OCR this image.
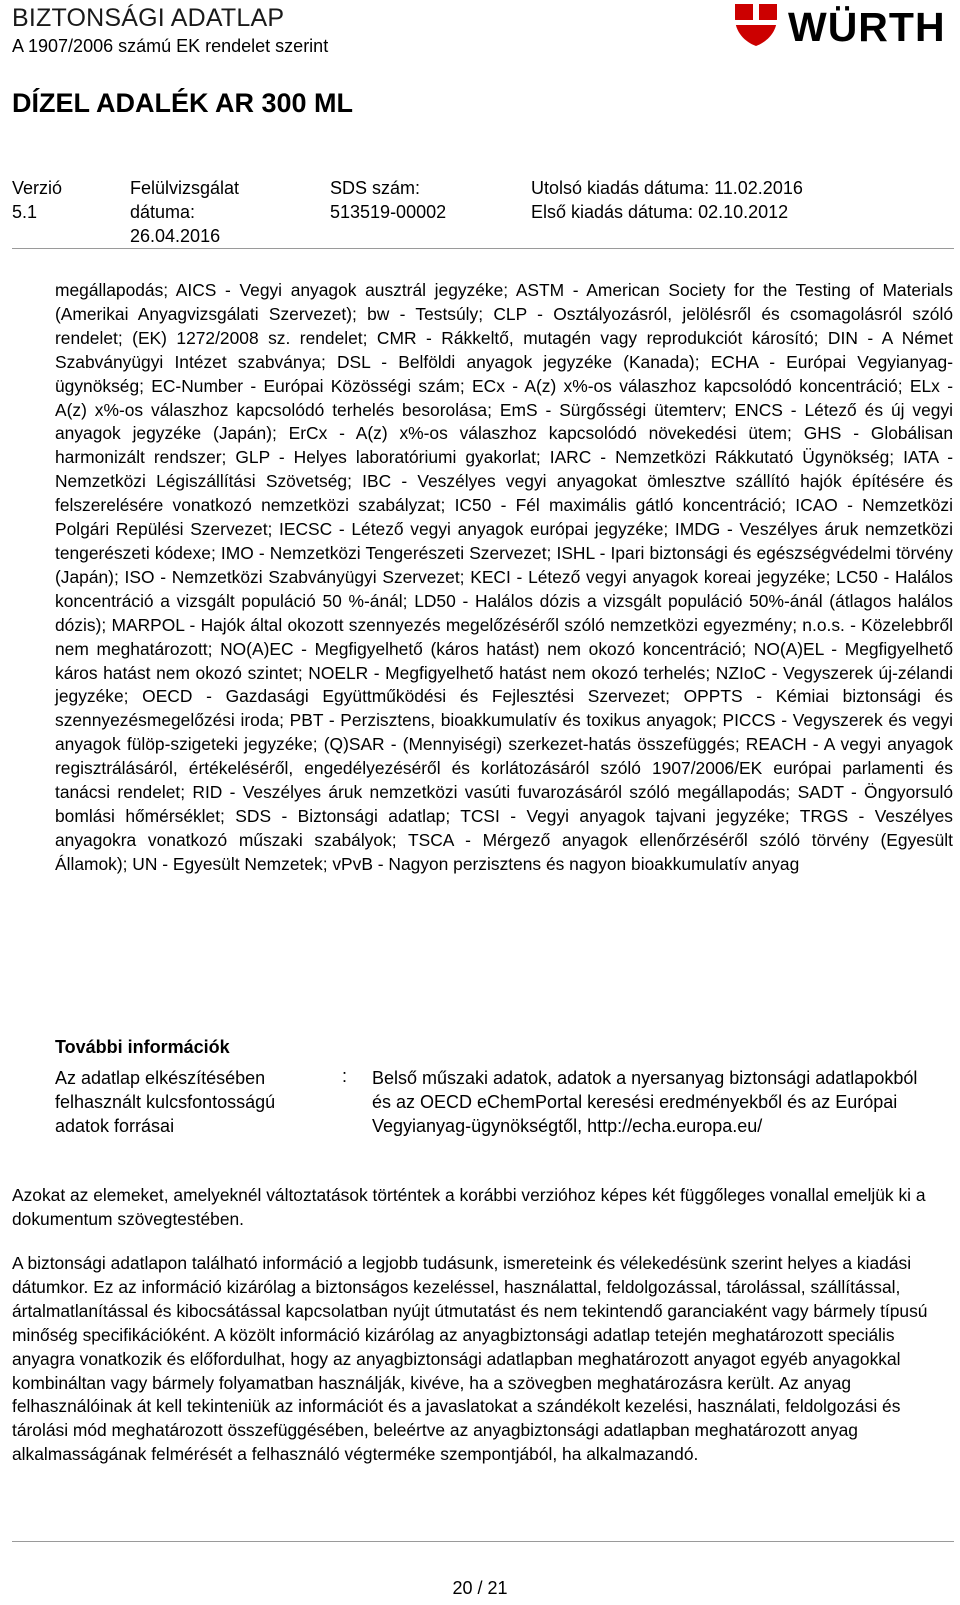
BIZTONSÁGI ADATLAP
A 1907/2006 számú EK rendelet szerint	WÜRTH
DÍZEL ADALÉK AR 300 ML
Verzió
5.1
Felülvizsgálat
dátuma:
26.04.2016
SDS szám:
513519-00002
Utolsó kiadás dátuma: 11.02.2016
Első kiadás dátuma: 02.10.2012

megállapodás; AICS - Vegyi anyagok ausztrál jegyzéke; ASTM - American Society for the Testing of Materials (Amerikai Anyagvizsgálati Szervezet); bw - Testsúly; CLP - Osztályozásról, jelölésről és csomagolásról szóló rendelet; (EK) 1272/2008 sz. rendelet; CMR - Rákkeltő, mutagén vagy reprodukciót károsító; DIN - A Német Szabványügyi Intézet szabványa; DSL - Belföldi anyagok jegyzéke (Kanada); ECHA - Európai Vegyianyag-ügynökség; EC-Number - Európai Közösségi szám; ECx - A(z) x%-os válaszhoz kapcsolódó koncentráció; ELx - A(z) x%-os válaszhoz kapcsolódó terhelés besorolása; EmS - Sürgősségi ütemterv; ENCS - Létező és új vegyi anyagok jegyzéke (Japán); ErCx - A(z) x%-os válaszhoz kapcsolódó növekedési ütem; GHS - Globálisan harmonizált rendszer; GLP - Helyes laboratóriumi gyakorlat; IARC - Nemzetközi Rákkutató Ügynökség; IATA - Nemzetközi Légiszállítási Szövetség; IBC - Veszélyes vegyi anyagokat ömlesztve szállító hajók építésére és felszerelésére vonatkozó nemzetközi szabályzat; IC50 - Fél maximális gátló koncentráció; ICAO - Nemzetközi Polgári Repülési Szervezet; IECSC - Létező vegyi anyagok európai jegyzéke; IMDG - Veszélyes áruk nemzetközi tengerészeti kódexe; IMO - Nemzetközi Tengerészeti Szervezet; ISHL - Ipari biztonsági és egészségvédelmi törvény (Japán); ISO - Nemzetközi Szabványügyi Szervezet; KECI - Létező vegyi anyagok koreai jegyzéke; LC50 - Halálos koncentráció a vizsgált populáció 50 %-ánál; LD50 - Halálos dózis a vizsgált populáció 50%-ánál (átlagos halálos dózis); MARPOL - Hajók által okozott szennyezés megelőzéséről szóló nemzetközi egyezmény; n.o.s. - Közelebbről nem meghatározott; NO(A)EC - Megfigyelhető (káros hatást) nem okozó koncentráció; NO(A)EL - Megfigyelhető káros hatást nem okozó szintet; NOELR - Megfigyelhető hatást nem okozó terhelés; NZIoC - Vegyszerek új-zélandi jegyzéke; OECD - Gazdasági Együttműködési és Fejlesztési Szervezet; OPPTS - Kémiai biztonsági és szennyezésmegelőzési iroda; PBT - Perzisztens, bioakkumulatív és toxikus anyagok; PICCS - Vegyszerek és vegyi anyagok fülöp-szigeteki jegyzéke; (Q)SAR - (Mennyiségi) szerkezet-hatás összefüggés; REACH - A vegyi anyagok regisztrálásáról, értékeléséről, engedélyezéséről és korlátozásáról szóló 1907/2006/EK európai parlamenti és tanácsi rendelet; RID - Veszélyes áruk nemzetközi vasúti fuvarozásáról szóló megállapodás; SADT - Öngyorsuló bomlási hőmérséklet; SDS - Biztonsági adatlap; TCSI - Vegyi anyagok tajvani jegyzéke; TRGS - Veszélyes anyagokra vonatkozó műszaki szabályok; TSCA - Mérgező anyagok ellenőrzéséről szóló törvény (Egyesült Államok); UN - Egyesült Nemzetek; vPvB - Nagyon perzisztens és nagyon bioakkumulatív anyag

További információk
Az adatlap elkészítésében felhasznált kulcsfontosságú adatok forrásai
: Belső műszaki adatok, adatok a nyersanyag biztonsági adatlapokból és az OECD eChemPortal keresési eredményekből és az Európai Vegyianyag-ügynökségtől, http://echa.europa.eu/

Azokat az elemeket, amelyeknél változtatások történtek a korábbi verzióhoz képes két függőleges vonallal emeljük ki a dokumentum szövegtestében.

A biztonsági adatlapon található információ a legjobb tudásunk, ismereteink és vélekedésünk szerint helyes a kiadási dátumkor. Ez az információ kizárólag a biztonságos kezeléssel, használattal, feldolgozással, tárolással, szállítással, ártalmatlanítással és kibocsátással kapcsolatban nyújt útmutatást és nem tekintendő garanciaként vagy bármely típusú minőség specifikációként. A közölt információ kizárólag az anyagbiztonsági adatlap tetején meghatározott speciális anyagra vonatkozik és előfordulhat, hogy az anyagbiztonsági adatlapban meghatározott anyagot egyéb anyagokkal kombináltan vagy bármely folyamatban használják, kivéve, ha a szövegben meghatározásra került. Az anyag felhasználóinak át kell tekinteniük az információt és a javaslatokat a szándékolt kezelési, használati, feldolgozási és tárolási mód meghatározott összefüggésében, beleértve az anyagbiztonsági adatlapban meghatározott anyag alkalmasságának felmérését a felhasználó végterméke szempontjából, ha alkalmazandó.

20 / 21
